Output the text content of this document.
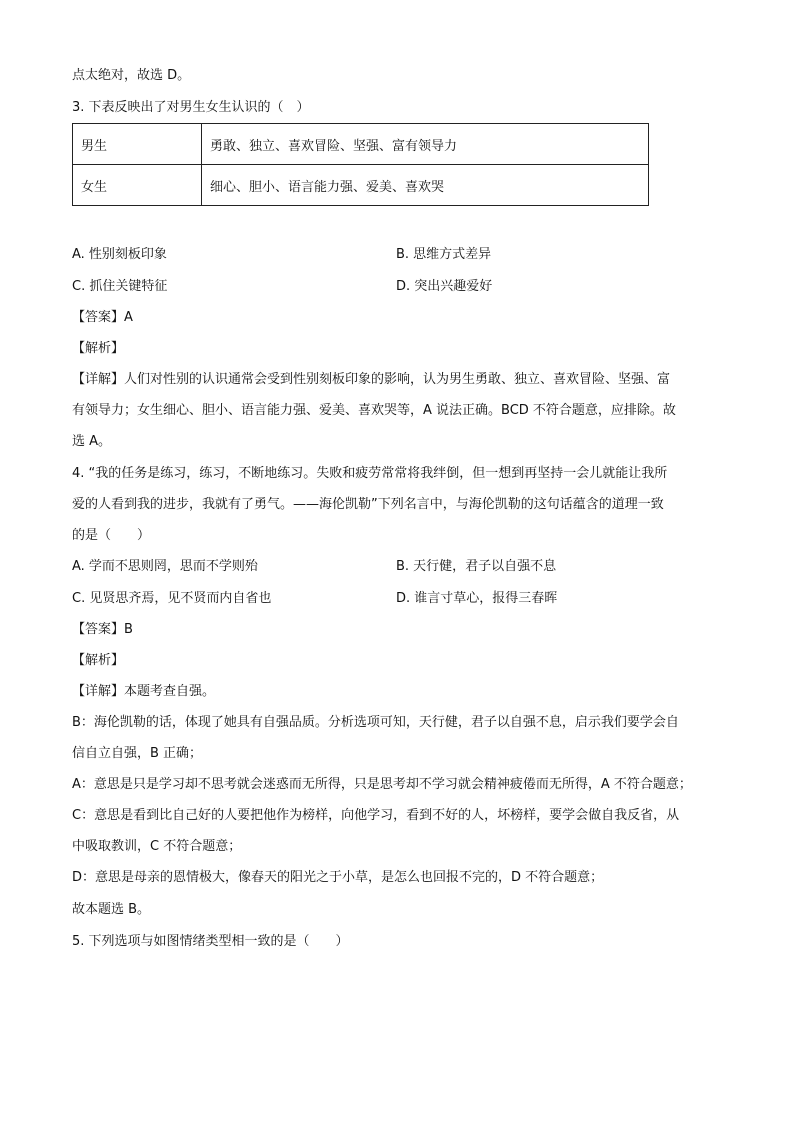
点太绝对，故选 D。
3. 下表反映出了对男生女生认识的（　）
男生	勇敢、独立、喜欢冒险、坚强、富有领导力
女生	细心、胆小、语言能力强、爱美、喜欢哭
A. 性别刻板印象	B. 思维方式差异
C. 抓住关键特征	D. 突出兴趣爱好
【答案】A
【解析】
【详解】人们对性别的认识通常会受到性别刻板印象的影响，认为男生勇敢、独立、喜欢冒险、坚强、富
有领导力；女生细心、胆小、语言能力强、爱美、喜欢哭等，A 说法正确。BCD 不符合题意，应排除。故
选 A。
4. “我的任务是练习，练习，不断地练习。失败和疲劳常常将我绊倒，但一想到再坚持一会儿就能让我所
爱的人看到我的进步，我就有了勇气。——海伦凯勒”下列名言中，与海伦凯勒的这句话蕴含的道理一致
的是（　　）
A. 学而不思则罔，思而不学则殆	B. 天行健，君子以自强不息
C. 见贤思齐焉，见不贤而内自省也	D. 谁言寸草心，报得三春晖
【答案】B
【解析】
【详解】本题考查自强。
B：海伦凯勒的话，体现了她具有自强品质。分析选项可知，天行健，君子以自强不息，启示我们要学会自
信自立自强，B 正确；
A：意思是只是学习却不思考就会迷惑而无所得，只是思考却不学习就会精神疲倦而无所得，A 不符合题意；
C：意思是看到比自己好的人要把他作为榜样，向他学习，看到不好的人，坏榜样，要学会做自我反省，从
中吸取教训，C 不符合题意；
D：意思是母亲的恩情极大，像春天的阳光之于小草，是怎么也回报不完的，D 不符合题意；
故本题选 B。
5. 下列选项与如图情绪类型相一致的是（　　）
